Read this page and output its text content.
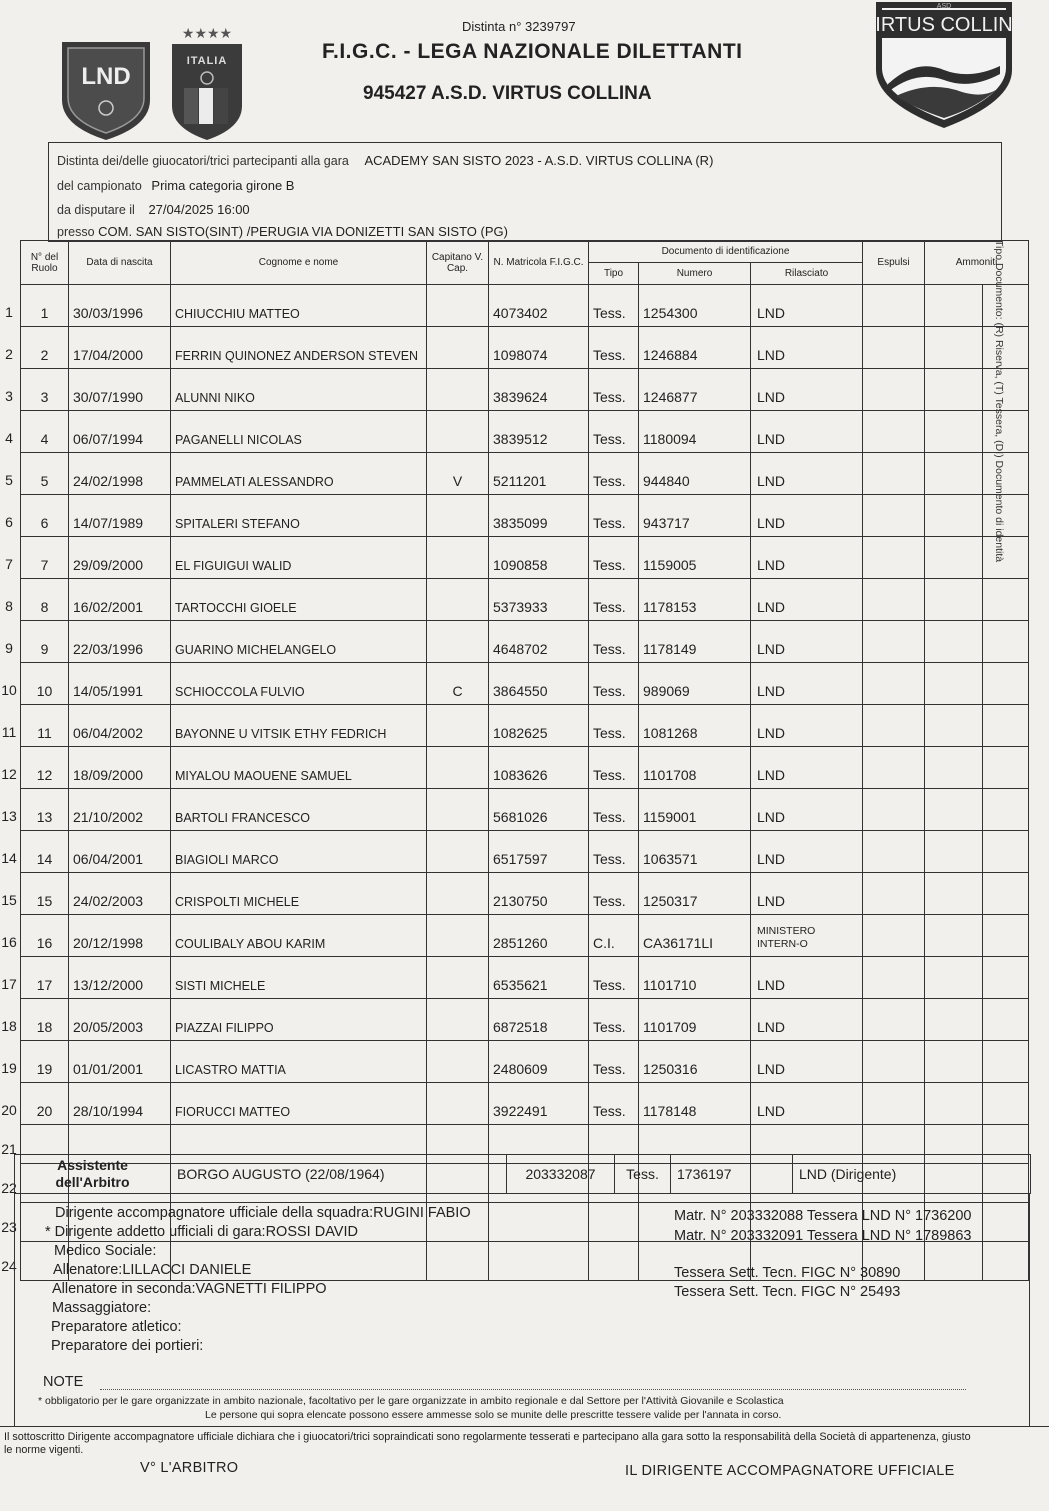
LND
★★★★
ITALIA
ASD
VIRTUS COLLINA
Distinta n° 3239797
F.I.G.C. - LEGA NAZIONALE DILETTANTI
945427 A.S.D. VIRTUS COLLINA
Distinta dei/delle giuocatori/trici partecipanti alla gara ACADEMY SAN SISTO 2023 - A.S.D. VIRTUS COLLINA (R)
del campionato Prima categoria girone B
da disputare il 27/04/2025 16:00
presso COM. SAN SISTO(SINT) /PERUGIA VIA DONIZETTI SAN SISTO (PG)
N° del Ruolo	Data di nascita	Cognome e nome	Capitano V. Cap.	N. Matricola F.I.G.C.	Documento di identificazione			Espulsi	Ammoniti	
					Tipo	Numero	Rilasciato			
1	30/03/1996	CHIUCCHIU MATTEO		4073402	Tess.	1254300	LND			
2	17/04/2000	FERRIN QUINONEZ ANDERSON STEVEN		1098074	Tess.	1246884	LND			
3	30/07/1990	ALUNNI NIKO		3839624	Tess.	1246877	LND			
4	06/07/1994	PAGANELLI NICOLAS		3839512	Tess.	1180094	LND			
5	24/02/1998	PAMMELATI ALESSANDRO	V	5211201	Tess.	944840	LND			
6	14/07/1989	SPITALERI STEFANO		3835099	Tess.	943717	LND			
7	29/09/2000	EL FIGUIGUI WALID		1090858	Tess.	1159005	LND			
8	16/02/2001	TARTOCCHI GIOELE		5373933	Tess.	1178153	LND			
9	22/03/1996	GUARINO MICHELANGELO		4648702	Tess.	1178149	LND			
10	14/05/1991	SCHIOCCOLA FULVIO	C	3864550	Tess.	989069	LND			
11	06/04/2002	BAYONNE U VITSIK ETHY FEDRICH		1082625	Tess.	1081268	LND			
12	18/09/2000	MIYALOU MAOUENE SAMUEL		1083626	Tess.	1101708	LND			
13	21/10/2002	BARTOLI FRANCESCO		5681026	Tess.	1159001	LND			
14	06/04/2001	BIAGIOLI MARCO		6517597	Tess.	1063571	LND			
15	24/02/2003	CRISPOLTI MICHELE		2130750	Tess.	1250317	LND			
16	20/12/1998	COULIBALY ABOU KARIM		2851260	C.I.	CA36171LI	MINISTERO INTERN-O			
17	13/12/2000	SISTI MICHELE		6535621	Tess.	1101710	LND			
18	20/05/2003	PIAZZAI FILIPPO		6872518	Tess.	1101709	LND			
19	01/01/2001	LICASTRO MATTIA		2480609	Tess.	1250316	LND			
20	28/10/1994	FIORUCCI MATTEO		3922491	Tess.	1178148	LND			

1
2
3
4
5
6
7
8
9
10
11
12
13
14
15
16
17
18
19
20
21
22
23
24
Assistente dell'Arbitro	BORGO AUGUSTO (22/08/1964)	203332087	Tess.	1736197	LND (Dirigente)
Dirigente accompagnatore ufficiale della squadra:RUGINI FABIO
* Dirigente addetto ufficiali di gara:ROSSI DAVID
Medico Sociale:
Allenatore:LILLACCI DANIELE
Allenatore in seconda:VAGNETTI FILIPPO
Massaggiatore:
Preparatore atletico:
Preparatore dei portieri:
Matr. N° 203332088 Tessera LND N° 1736200
Matr. N° 203332091 Tessera LND N° 1789863
Tessera Sett. Tecn. FIGC N° 30890
Tessera Sett. Tecn. FIGC N° 25493
NOTE
* obbligatorio per le gare organizzate in ambito nazionale, facoltativo per le gare organizzate in ambito regionale e dal Settore per l'Attività Giovanile e Scolastica
Le persone qui sopra elencate possono essere ammesse solo se munite delle prescritte tessere valide per l'annata in corso.
Il sottoscritto Dirigente accompagnatore ufficiale dichiara che i giuocatori/trici sopraindicati sono regolarmente tesserati e partecipano alla gara sotto la responsabilità della Società di appartenenza, giusto
le norme vigenti.
V° L'ARBITRO	IL DIRIGENTE ACCOMPAGNATORE UFFICIALE
Tipo Documento: (R) Riserva, (T) Tessera, (DI) Documento di identità
